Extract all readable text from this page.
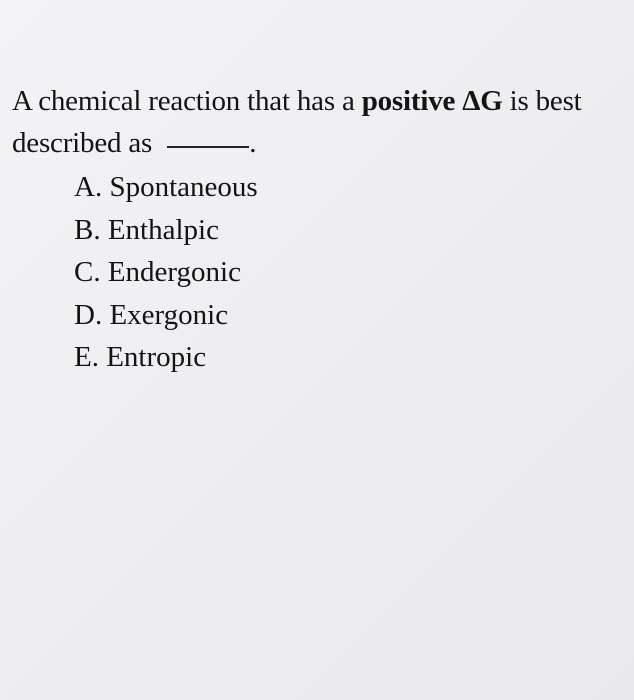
A chemical reaction that has a positive ΔG is best described as	.
A. Spontaneous
B. Enthalpic
C. Endergonic
D. Exergonic
E. Entropic
